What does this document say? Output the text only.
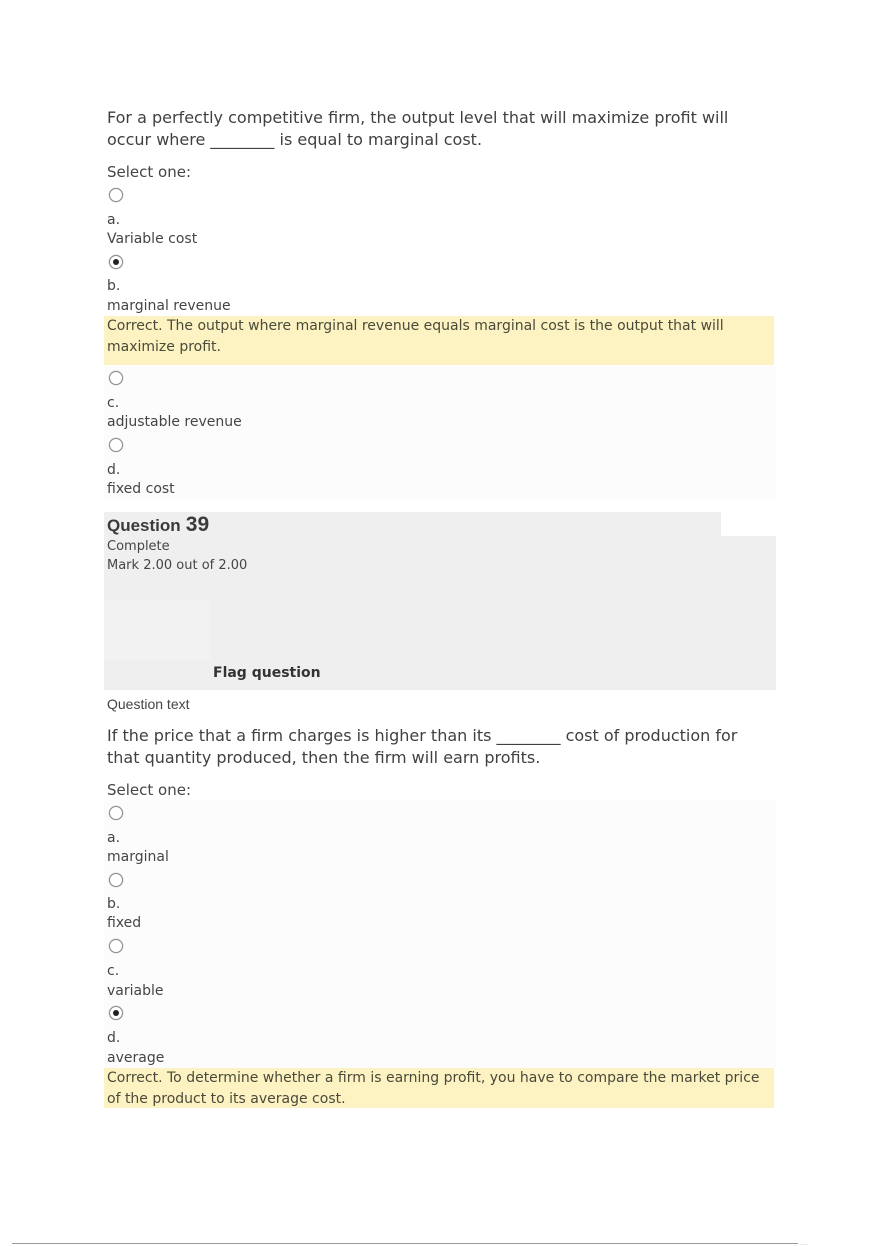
For a perfectly competitive firm, the output level that will maximize profit will occur where ________ is equal to marginal cost.
Select one:
a.
Variable cost
b.
marginal revenue
Correct. The output where marginal revenue equals marginal cost is the output that will maximize profit.
c.
adjustable revenue
d.
fixed cost
Question 39
Complete
Mark 2.00 out of 2.00
Flag question
Question text
If the price that a firm charges is higher than its ________ cost of production for that quantity produced, then the firm will earn profits.
Select one:
a.
marginal
b.
fixed
c.
variable
d.
average
Correct. To determine whether a firm is earning profit, you have to compare the market price of the product to its average cost.
...
